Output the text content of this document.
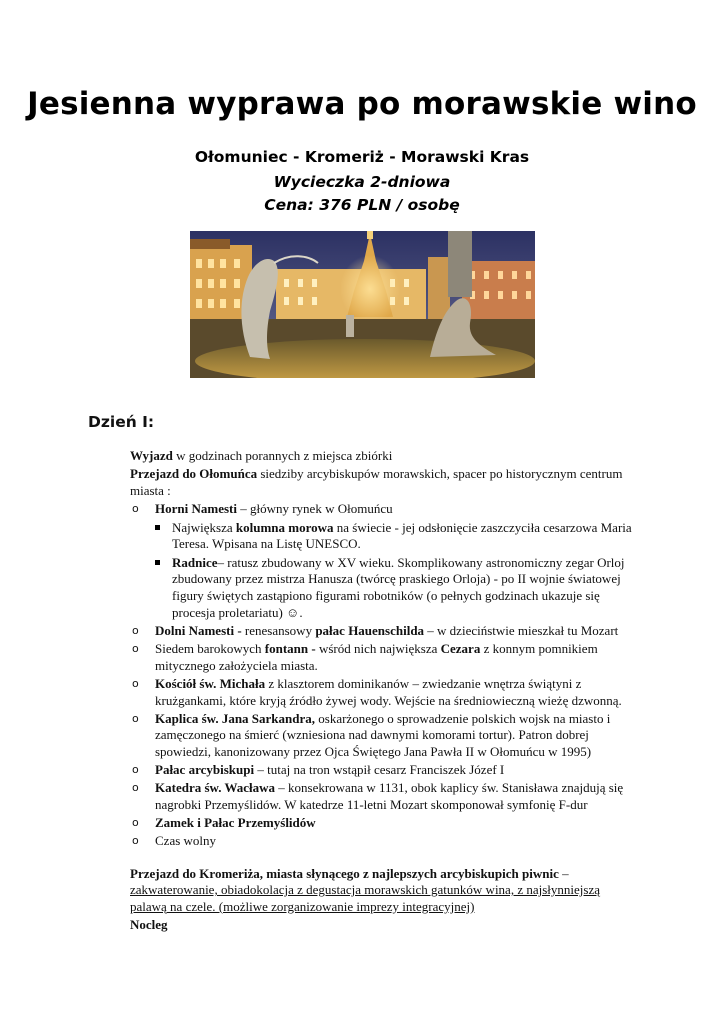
Jesienna wyprawa po morawskie wino
Ołomuniec - Kromeriż - Morawski Kras
Wycieczka 2-dniowa
Cena: 376 PLN / osobę
Dzień I:
Wyjazd w godzinach porannych z miejsca zbiórki
Przejazd do Ołomuńca siedziby arcybiskupów morawskich, spacer po historycznym centrum miasta :
o Horni Namesti – główny rynek w Ołomuńcu
Największa kolumna morowa na świecie - jej odsłonięcie zaszczyciła cesarzowa Maria Teresa. Wpisana na Listę UNESCO.
Radnice– ratusz zbudowany w XV wieku. Skomplikowany astronomiczny zegar Orloj zbudowany przez mistrza Hanusza (twórcę praskiego Orloja) - po II wojnie światowej figury świętych zastąpiono figurami robotników (o pełnych godzinach ukazuje się procesja proletariatu) ☺.
o Dolni Namesti - renesansowy pałac Hauenschilda – w dzieciństwie mieszkał tu Mozart
o Siedem barokowych fontann - wśród nich największa Cezara z konnym pomnikiem mitycznego założyciela miasta.
o Kościół św. Michała z klasztorem dominikanów – zwiedzanie wnętrza świątyni z krużgankami, które kryją źródło żywej wody. Wejście na średniowieczną wieżę dzwonną.
o Kaplica św. Jana Sarkandra, oskarżonego o sprowadzenie polskich wojsk na miasto i zamęczonego na śmierć (wzniesiona nad dawnymi komorami tortur). Patron dobrej spowiedzi, kanonizowany przez Ojca Świętego Jana Pawła II w Ołomuńcu w 1995)
o Pałac arcybiskupi – tutaj na tron wstąpił cesarz Franciszek Józef I
o Katedra św. Wacława – konsekrowana w 1131, obok kaplicy św. Stanisława znajdują się nagrobki Przemyślidów. W katedrze 11-letni Mozart skomponował symfonię F-dur
o Zamek i Pałac Przemyślidów
o Czas wolny
Przejazd do Kromeriża, miasta słynącego z najlepszych arcybiskupich piwnic – zakwaterowanie, obiadokolacja z degustacja morawskich gatunków wina, z najsłynniejszą palawą na czele. (możliwe zorganizowanie imprezy integracyjnej)
Nocleg
